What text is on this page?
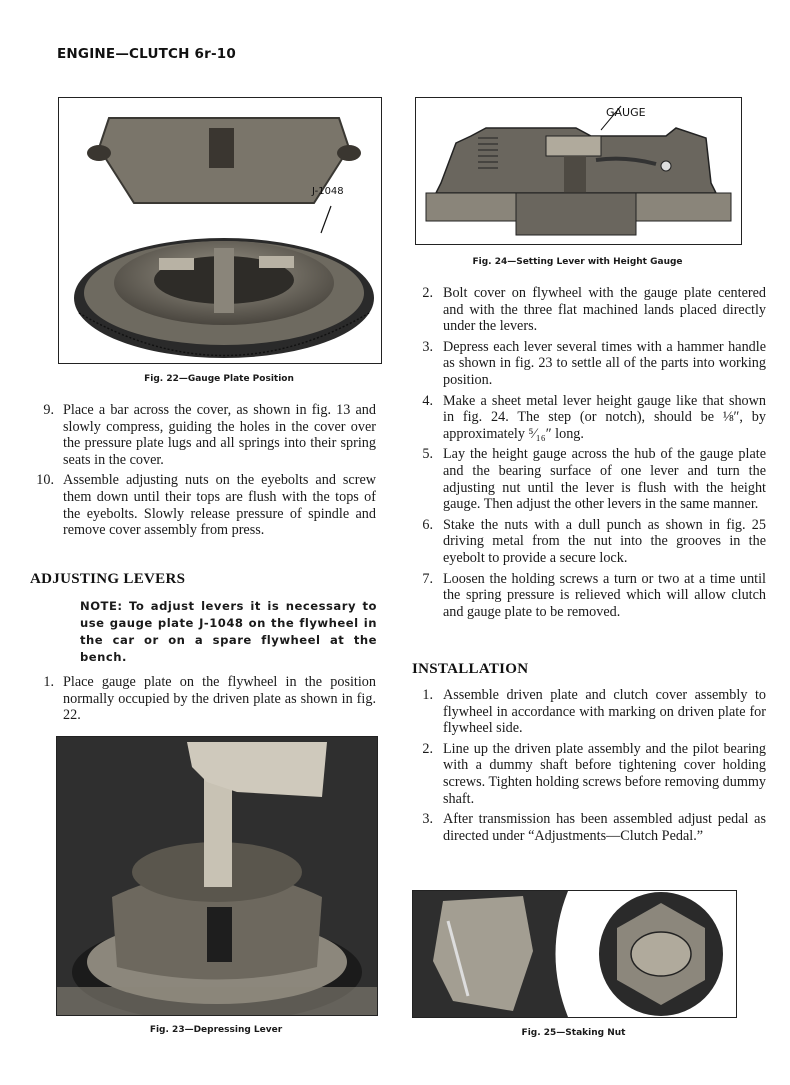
ENGINE—CLUTCH 6r-10
J-1048
Fig. 22—Gauge Plate Position
9. Place a bar across the cover, as shown in fig. 13 and slowly compress, guiding the holes in the cover over the pressure plate lugs and all springs into their spring seats in the cover.
10. Assemble adjusting nuts on the eyebolts and screw them down until their tops are flush with the tops of the eyebolts. Slowly release pressure of spindle and remove cover assembly from press.
ADJUSTING LEVERS
NOTE: To adjust levers it is necessary to use gauge plate J-1048 on the flywheel in the car or on a spare flywheel at the bench.
1. Place gauge plate on the flywheel in the position normally occupied by the driven plate as shown in fig. 22.
Fig. 23—Depressing Lever
GAUGE
Fig. 24—Setting Lever with Height Gauge
2. Bolt cover on flywheel with the gauge plate centered and with the three flat machined lands placed directly under the levers.
3. Depress each lever several times with a hammer handle as shown in fig. 23 to settle all of the parts into working position.
4. Make a sheet metal lever height gauge like that shown in fig. 24. The step (or notch), should be ⅛″, by approximately ⁵⁄₁₆″ long.
5. Lay the height gauge across the hub of the gauge plate and the bearing surface of one lever and turn the adjusting nut until the lever is flush with the height gauge. Then adjust the other levers in the same manner.
6. Stake the nuts with a dull punch as shown in fig. 25 driving metal from the nut into the grooves in the eyebolt to provide a secure lock.
7. Loosen the holding screws a turn or two at a time until the spring pressure is relieved which will allow clutch and gauge plate to be removed.
INSTALLATION
1. Assemble driven plate and clutch cover assembly to flywheel in accordance with marking on driven plate for flywheel side.
2. Line up the driven plate assembly and the pilot bearing with a dummy shaft before tightening cover holding screws. Tighten holding screws before removing dummy shaft.
3. After transmission has been assembled adjust pedal as directed under “Adjustments—Clutch Pedal.”
Fig. 25—Staking Nut
